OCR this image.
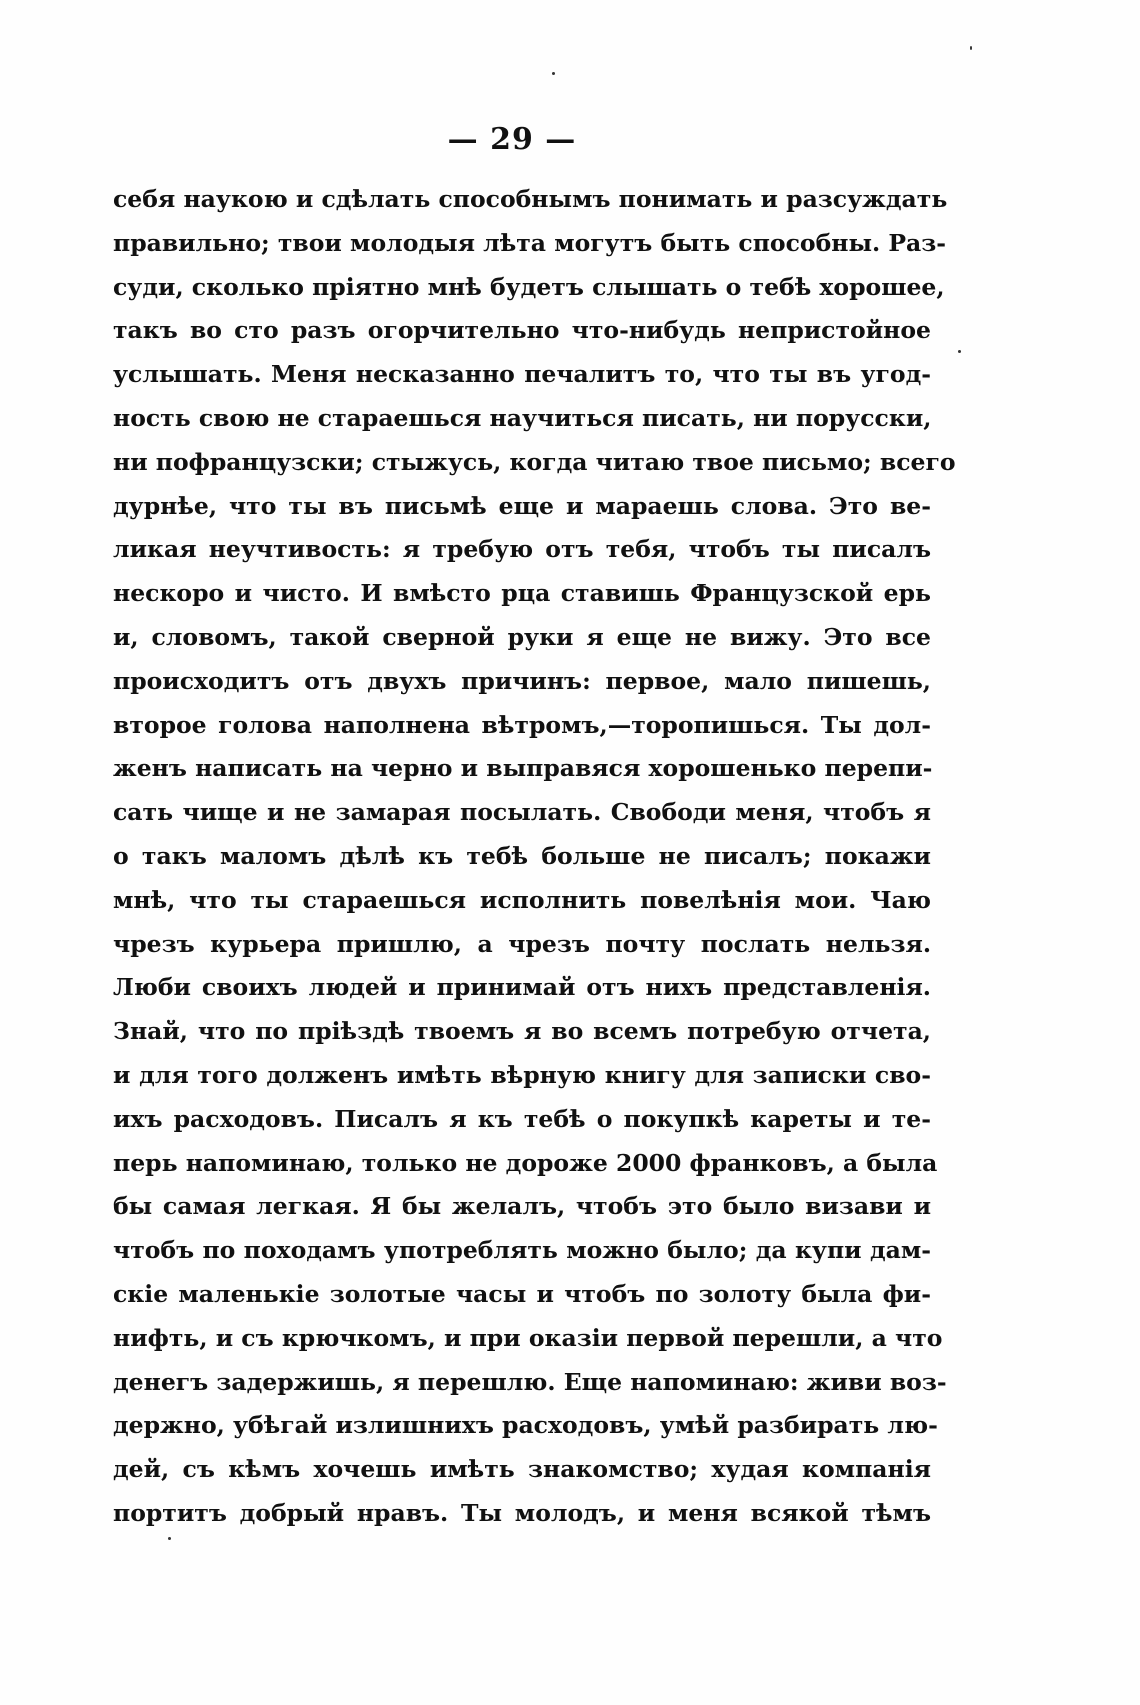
— 29 —
себя наукою и сдѣлать способнымъ понимать и разсуждать
правильно; твои молодыя лѣта могутъ быть способны. Раз-
суди, сколько пріятно мнѣ будетъ слышать о тебѣ хорошее,
такъ во сто разъ огорчительно что-нибудь непристойное
услышать. Меня несказанно печалитъ то, что ты въ угод-
ность свою не стараешься научиться писать, ни порусски,
ни пофранцузски; стыжусь, когда читаю твое письмо; всего
дурнѣе, что ты въ письмѣ еще и мараешь слова. Это ве-
ликая неучтивость: я требую отъ тебя, чтобъ ты писалъ
нескоро и чисто. И вмѣсто рца ставишь Французской ерь
и, словомъ, такой сверной руки я еще не вижу. Это все
происходитъ отъ двухъ причинъ: первое, мало пишешь,
второе голова наполнена вѣтромъ,—торопишься. Ты дол-
женъ написать на черно и выправяся хорошенько перепи-
сать чище и не замарая посылать. Свободи меня, чтобъ я
о такъ маломъ дѣлѣ къ тебѣ больше не писалъ; покажи
мнѣ, что ты стараешься исполнить повелѣнія мои. Чаю
чрезъ курьера пришлю, а чрезъ почту послать нельзя.
Люби своихъ людей и принимай отъ нихъ представленія.
Знай, что по пріѣздѣ твоемъ я во всемъ потребую отчета,
и для того долженъ имѣть вѣрную книгу для записки сво-
ихъ расходовъ. Писалъ я къ тебѣ о покупкѣ кареты и те-
перь напоминаю, только не дороже 2000 франковъ, а была
бы самая легкая. Я бы желалъ, чтобъ это было визави и
чтобъ по походамъ употреблять можно было; да купи дам-
скіе маленькіе золотые часы и чтобъ по золоту была фи-
нифть, и съ крючкомъ, и при оказіи первой перешли, а что
денегъ задержишь, я перешлю. Еще напоминаю: живи воз-
держно, убѣгай излишнихъ расходовъ, умѣй разбирать лю-
дей, съ кѣмъ хочешь имѣть знакомство; худая компанія
портитъ добрый нравъ. Ты молодъ, и меня всякой тѣмъ
